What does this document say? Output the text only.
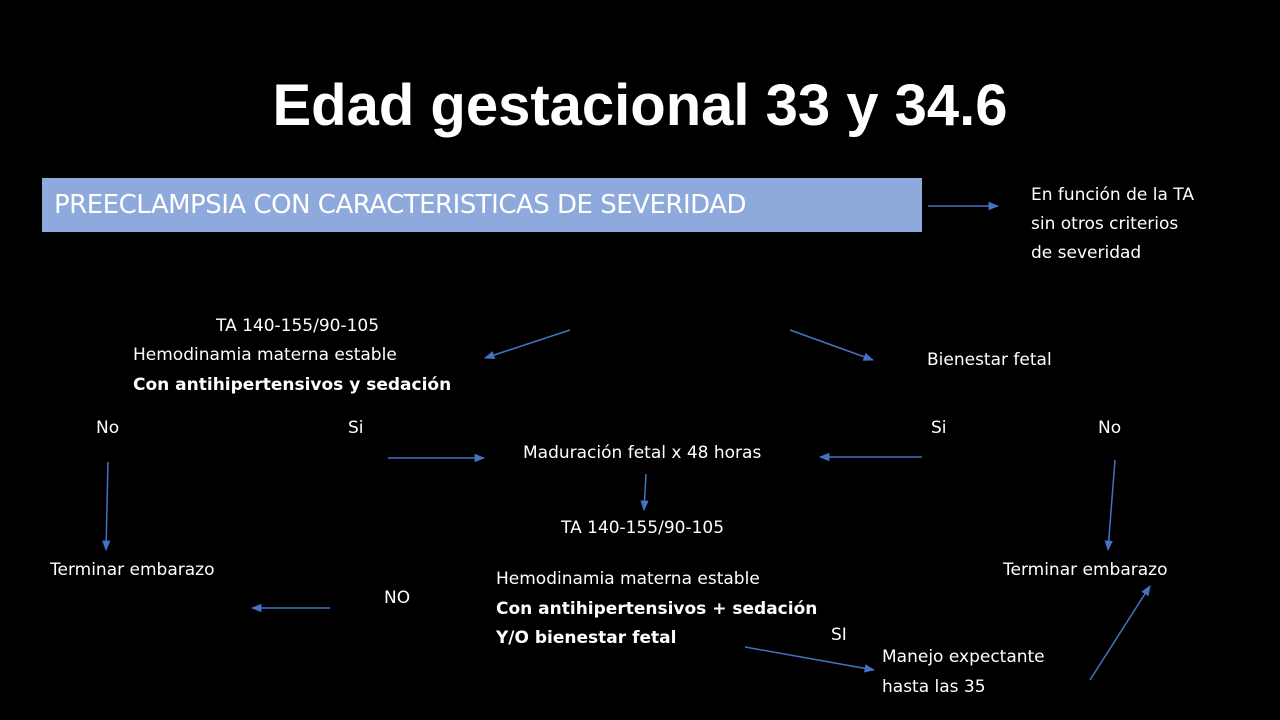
Edad gestacional 33 y 34.6
PREECLAMPSIA CON CARACTERISTICAS DE SEVERIDAD	En función de la TA
sin otros criterios
de severidad
TA 140-155/90-105
Hemodinamia materna estable
Con antihipertensivos y sedación
No	Si
Terminar embarazo
Bienestar fetal
Si	No
Terminar embarazo
Maduración fetal x 48 horas
TA 140-155/90-105
Hemodinamia materna estable
Con antihipertensivos + sedación
Y/O bienestar fetal
NO
SI
Manejo expectante
hasta las 35
